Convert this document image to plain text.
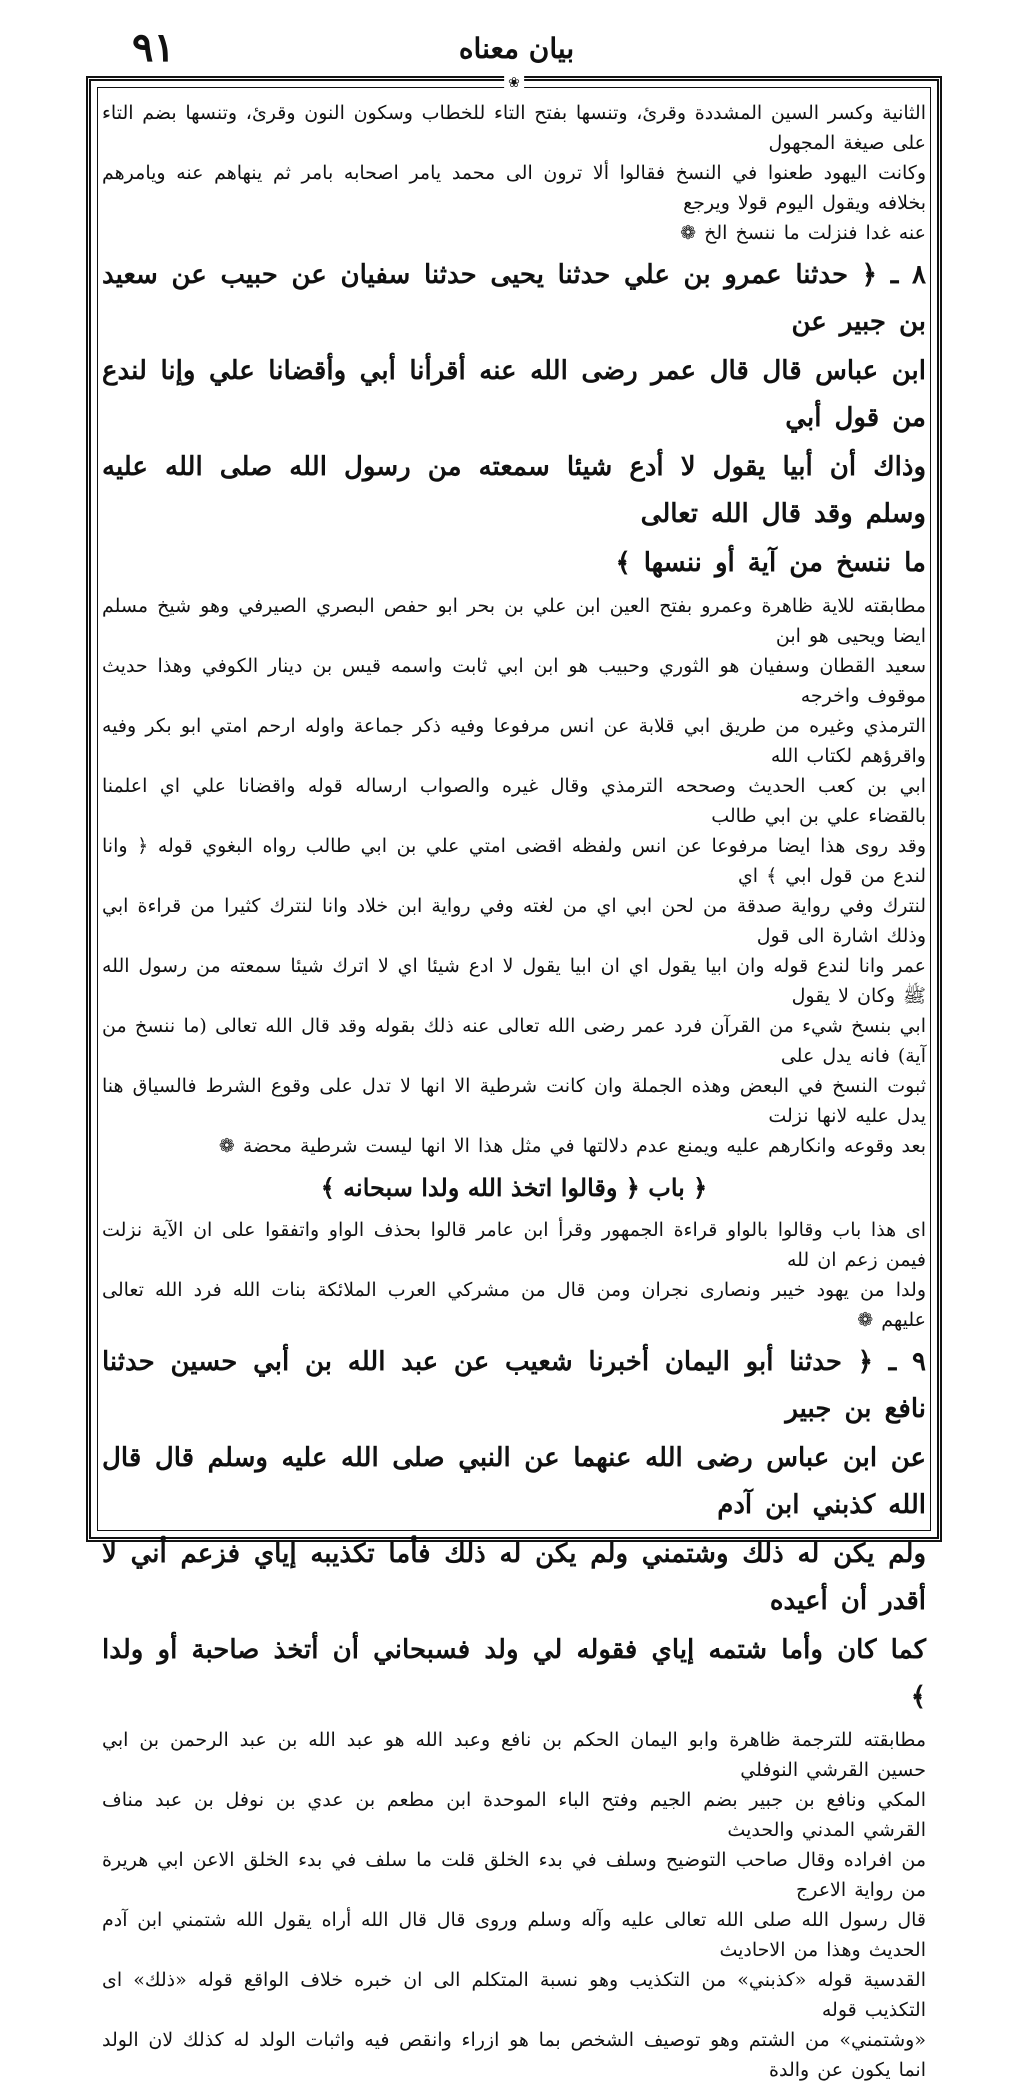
٩١	بیان معناه
❀

الثانية وكسر السين المشددة وقرئ، وتنسها بفتح التاء للخطاب وسكون النون وقرئ، وتنسها بضم التاء على صيغة المجهول

وكانت اليهود طعنوا في النسخ فقالوا ألا ترون الى محمد يامر اصحابه بامر ثم ينهاهم عنه ويامرهم بخلافه ويقول اليوم قولا ويرجع

عنه غدا فنزلت ما ننسخ الخ ❁

٨ ـ ﴿ حدثنا عمرو بن علي حدثنا يحيى حدثنا سفيان عن حبيب عن سعيد بن جبير عن

ابن عباس قال قال عمر رضى الله عنه أقرأنا أبي وأقضانا علي وإنا لندع من قول أبي

وذاك أن أبيا يقول لا أدع شيئا سمعته من رسول الله صلى الله عليه وسلم وقد قال الله تعالى

ما ننسخ من آية أو ننسها ﴾

مطابقته للاية ظاهرة وعمرو بفتح العين ابن علي بن بحر ابو حفص البصري الصيرفي وهو شيخ مسلم ايضا ويحيى هو ابن

سعيد القطان وسفيان هو الثوري وحبيب هو ابن ابي ثابت واسمه قيس بن دينار الكوفي وهذا حديث موقوف واخرجه

الترمذي وغيره من طريق ابي قلابة عن انس مرفوعا وفيه ذكر جماعة واوله ارحم امتي ابو بكر وفيه واقرؤهم لكتاب الله

ابي بن كعب الحديث وصححه الترمذي وقال غيره والصواب ارساله قوله واقضانا علي اي اعلمنا بالقضاء علي بن ابي طالب

وقد روى هذا ايضا مرفوعا عن انس ولفظه اقضى امتي علي بن ابي طالب رواه البغوي قوله ﴿ وانا لندع من قول ابي ﴾ اي

لنترك وفي رواية صدقة من لحن ابي اي من لغته وفي رواية ابن خلاد وانا لنترك كثيرا من قراءة ابي وذلك اشارة الى قول

عمر وانا لندع قوله وان ابيا يقول اي ان ابيا يقول لا ادع شيئا اي لا اترك شيئا سمعته من رسول الله ﷺ وكان لا يقول

ابي بنسخ شيء من القرآن فرد عمر رضى الله تعالى عنه ذلك بقوله وقد قال الله تعالى (ما ننسخ من آية) فانه يدل على

ثبوت النسخ في البعض وهذه الجملة وان كانت شرطية الا انها لا تدل على وقوع الشرط فالسياق هنا يدل عليه لانها نزلت

بعد وقوعه وانكارهم عليه ويمنع عدم دلالتها في مثل هذا الا انها ليست شرطية محضة ❁

﴿ باب ﴿ وقالوا اتخذ الله ولدا سبحانه ﴾

اى هذا باب وقالوا بالواو قراءة الجمهور وقرأ ابن عامر قالوا بحذف الواو واتفقوا على ان الآية نزلت فيمن زعم ان لله

ولدا من يهود خيبر ونصارى نجران ومن قال من مشركي العرب الملائكة بنات الله فرد الله تعالى عليهم ❁

٩ ـ ﴿ حدثنا أبو اليمان أخبرنا شعيب عن عبد الله بن أبي حسين حدثنا نافع بن جبير

عن ابن عباس رضى الله عنهما عن النبي صلى الله عليه وسلم قال قال الله كذبني ابن آدم

ولم يكن له ذلك وشتمني ولم يكن له ذلك فأما تكذيبه إياي فزعم أني لا أقدر أن أعيده

كما كان وأما شتمه إياي فقوله لي ولد فسبحاني أن أتخذ صاحبة أو ولدا ﴾

مطابقته للترجمة ظاهرة وابو اليمان الحكم بن نافع وعبد الله هو عبد الله بن عبد الرحمن بن ابي حسين القرشي النوفلي

المكي ونافع بن جبير بضم الجيم وفتح الباء الموحدة ابن مطعم بن عدي بن نوفل بن عبد مناف القرشي المدني والحديث

من افراده وقال صاحب التوضيح وسلف في بدء الخلق قلت ما سلف في بدء الخلق الاعن ابي هريرة من رواية الاعرج

قال رسول الله صلى الله تعالى عليه وآله وسلم وروى قال قال الله أراه يقول الله شتمني ابن آدم الحديث وهذا من الاحاديث

القدسية قوله «كذبني» من التكذيب وهو نسبة المتكلم الى ان خبره خلاف الواقع قوله «ذلك» اى التكذيب قوله

«وشتمني» من الشتم وهو توصيف الشخص بما هو ازراء وانقص فيه واثبات الولد له كذلك لان الولد انما يكون عن والدة
